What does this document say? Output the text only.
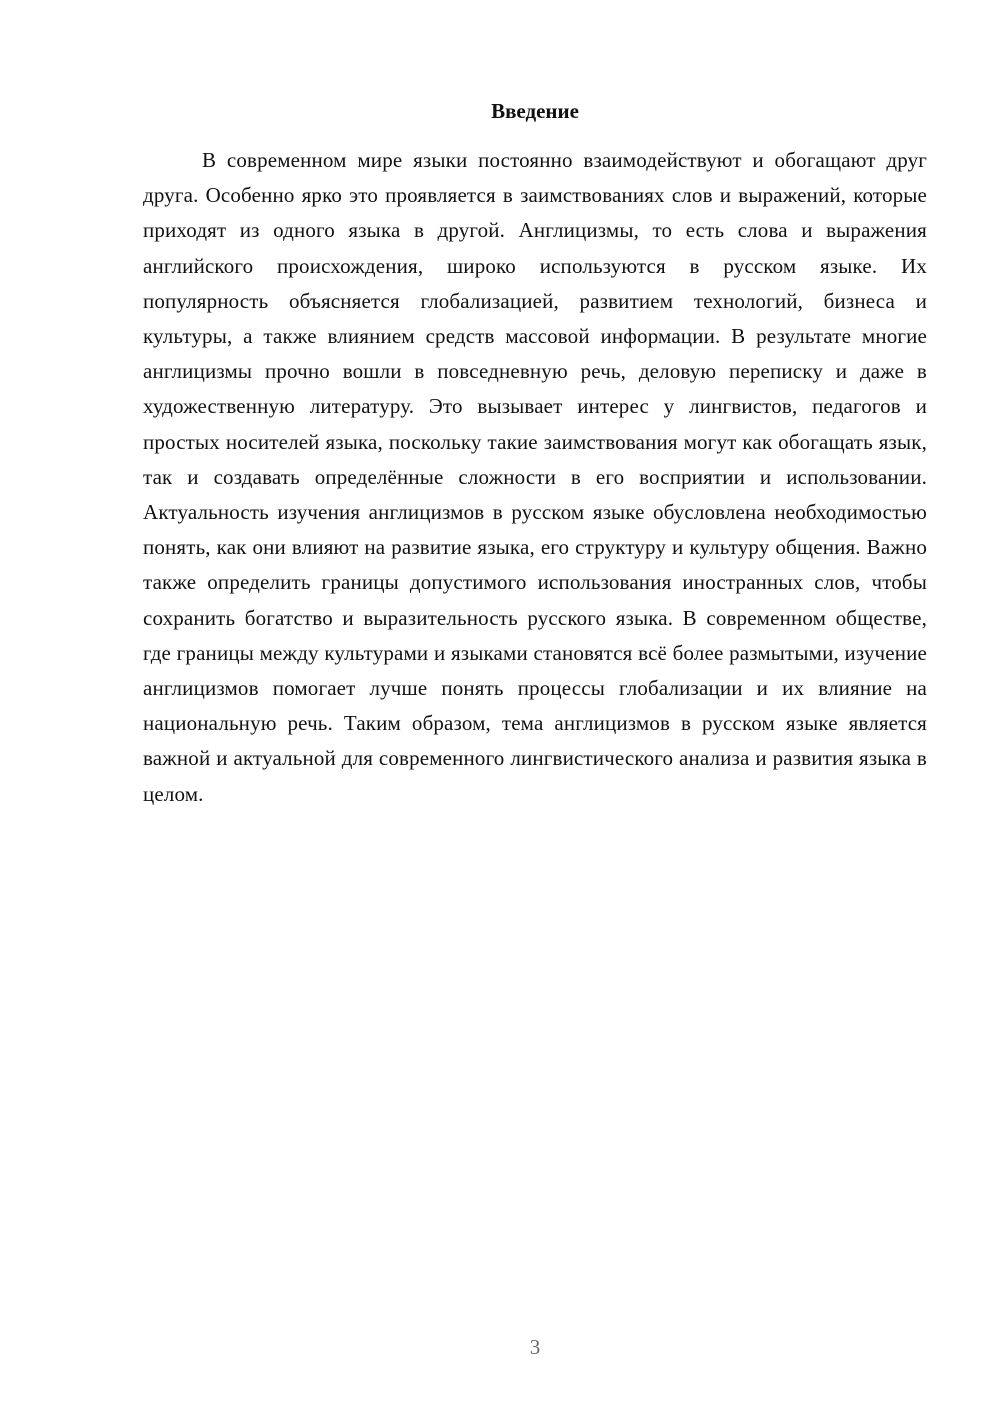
Введение

В современном мире языки постоянно взаимодействуют и обогащают друг друга. Особенно ярко это проявляется в заимствованиях слов и выражений, которые приходят из одного языка в другой. Англицизмы, то есть слова и выражения английского происхождения, широко используются в русском языке. Их популярность объясняется глобализацией, развитием технологий, бизнеса и культуры, а также влиянием средств массовой информации. В результате многие англицизмы прочно вошли в повседневную речь, деловую переписку и даже в художественную литературу. Это вызывает интерес у лингвистов, педагогов и простых носителей языка, поскольку такие заимствования могут как обогащать язык, так и создавать определённые сложности в его восприятии и использовании. Актуальность изучения англицизмов в русском языке обусловлена необходимостью понять, как они влияют на развитие языка, его структуру и культуру общения. Важно также определить границы допустимого использования иностранных слов, чтобы сохранить богатство и выразительность русского языка. В современном обществе, где границы между культурами и языками становятся всё более размытыми, изучение англицизмов помогает лучше понять процессы глобализации и их влияние на национальную речь. Таким образом, тема англицизмов в русском языке является важной и актуальной для современного лингвистического анализа и развития языка в целом.

3
